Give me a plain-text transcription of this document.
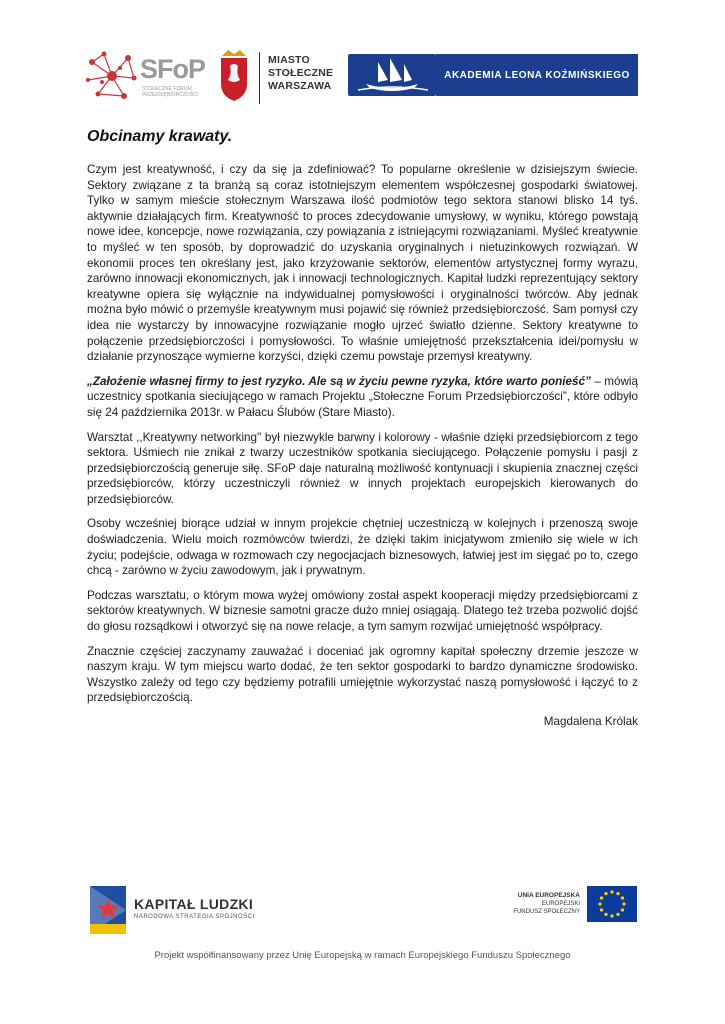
SFoP
STOŁECZNE FORUM PRZEDSIĘBIORCZOŚCI
MIASTO
STOŁECZNE
WARSZAWA
AKADEMIA LEONA KOŹMIŃSKIEGO
Obcinamy krawaty.

Czym jest kreatywność, i czy da się ja zdefiniować? To popularne określenie w dzisiejszym świecie. Sektory związane z ta branżą są coraz istotniejszym elementem współczesnej gospodarki światowej. Tylko w samym mieście stołecznym Warszawa ilość podmiotów tego sektora stanowi blisko 14 tyś. aktywnie działających firm. Kreatywność to proces zdecydowanie umysłowy, w wyniku, którego powstają nowe idee, koncepcje, nowe rozwiązania, czy powiązania z istniejącymi rozwiązaniami. Myśleć kreatywnie to myśleć w ten sposób, by doprowadzić do uzyskania oryginalnych i nietuzinkowych rozwiązań. W ekonomii proces ten określany jest, jako krzyżowanie sektorów, elementów artystycznej formy wyrazu, zarówno innowacji ekonomicznych, jak i innowacji technologicznych. Kapitał ludzki reprezentujący sektory kreatywne opiera się wyłącznie na indywidualnej pomysłowości i oryginalności twórców. Aby jednak można było mówić o przemyśle kreatywnym musi pojawić się również przedsiębiorczość. Sam pomysł czy idea nie wystarczy by innowacyjne rozwiązanie mogło ujrzeć światło dzienne. Sektory kreatywne to połączenie przedsiębiorczości i pomysłowości. To właśnie umiejętność przekształcenia idei/pomysłu w działanie przynoszące wymierne korzyści, dzięki czemu powstaje przemysł kreatywny.

„Założenie własnej firmy to jest ryzyko. Ale są w życiu pewne ryzyka, które warto ponieść” – mówią uczestnicy spotkania sieciującego w ramach Projektu „Stołeczne Forum Przedsiębiorczości”, które odbyło się 24 października 2013r. w Pałacu Ślubów (Stare Miasto).

Warsztat ,,Kreatywny networking'' był niezwykle barwny i kolorowy - właśnie dzięki przedsiębiorcom z tego sektora. Uśmiech nie znikał z twarzy uczestników spotkania sieciującego. Połączenie pomysłu i pasji z przedsiębiorczością generuje siłę. SFoP daje naturalną możliwość kontynuacji i skupienia znacznej części przedsiębiorców, którzy uczestniczyli również w innych projektach europejskich kierowanych do przedsiębiorców.

Osoby wcześniej biorące udział w innym projekcie chętniej uczestniczą w kolejnych i przenoszą swoje doświadczenia. Wielu moich rozmówców twierdzi, że dzięki takim inicjatywom zmieniło się wiele w ich życiu; podejście, odwaga w rozmowach czy negocjacjach biznesowych, łatwiej jest im sięgać po to, czego chcą - zarówno w życiu zawodowym, jak i prywatnym.

Podczas warsztatu, o którym mowa wyżej omówiony został aspekt kooperacji między przedsiębiorcami z sektorów kreatywnych. W biznesie samotni gracze dużo mniej osiągają. Dlatego też trzeba pozwolić dojść do głosu rozsądkowi i otworzyć się na nowe relacje, a tym samym rozwijać umiejętność współpracy.

Znacznie częściej zaczynamy zauważać i doceniać jak ogromny kapitał społeczny drzemie jeszcze w naszym kraju. W tym miejscu warto dodać, że ten sektor gospodarki to bardzo dynamiczne środowisko. Wszystko zależy od tego czy będziemy potrafili umiejętnie wykorzystać naszą pomysłowość i łączyć to z przedsiębiorczością.

Magdalena Królak
KAPITAŁ LUDZKI
NARODOWA STRATEGIA SPÓJNOŚCI
UNIA EUROPEJSKA
EUROPEJSKI
FUNDUSZ SPOŁECZNY
Projekt współfinansowany przez Unię Europejską w ramach Europejskiego Funduszu Społecznego
